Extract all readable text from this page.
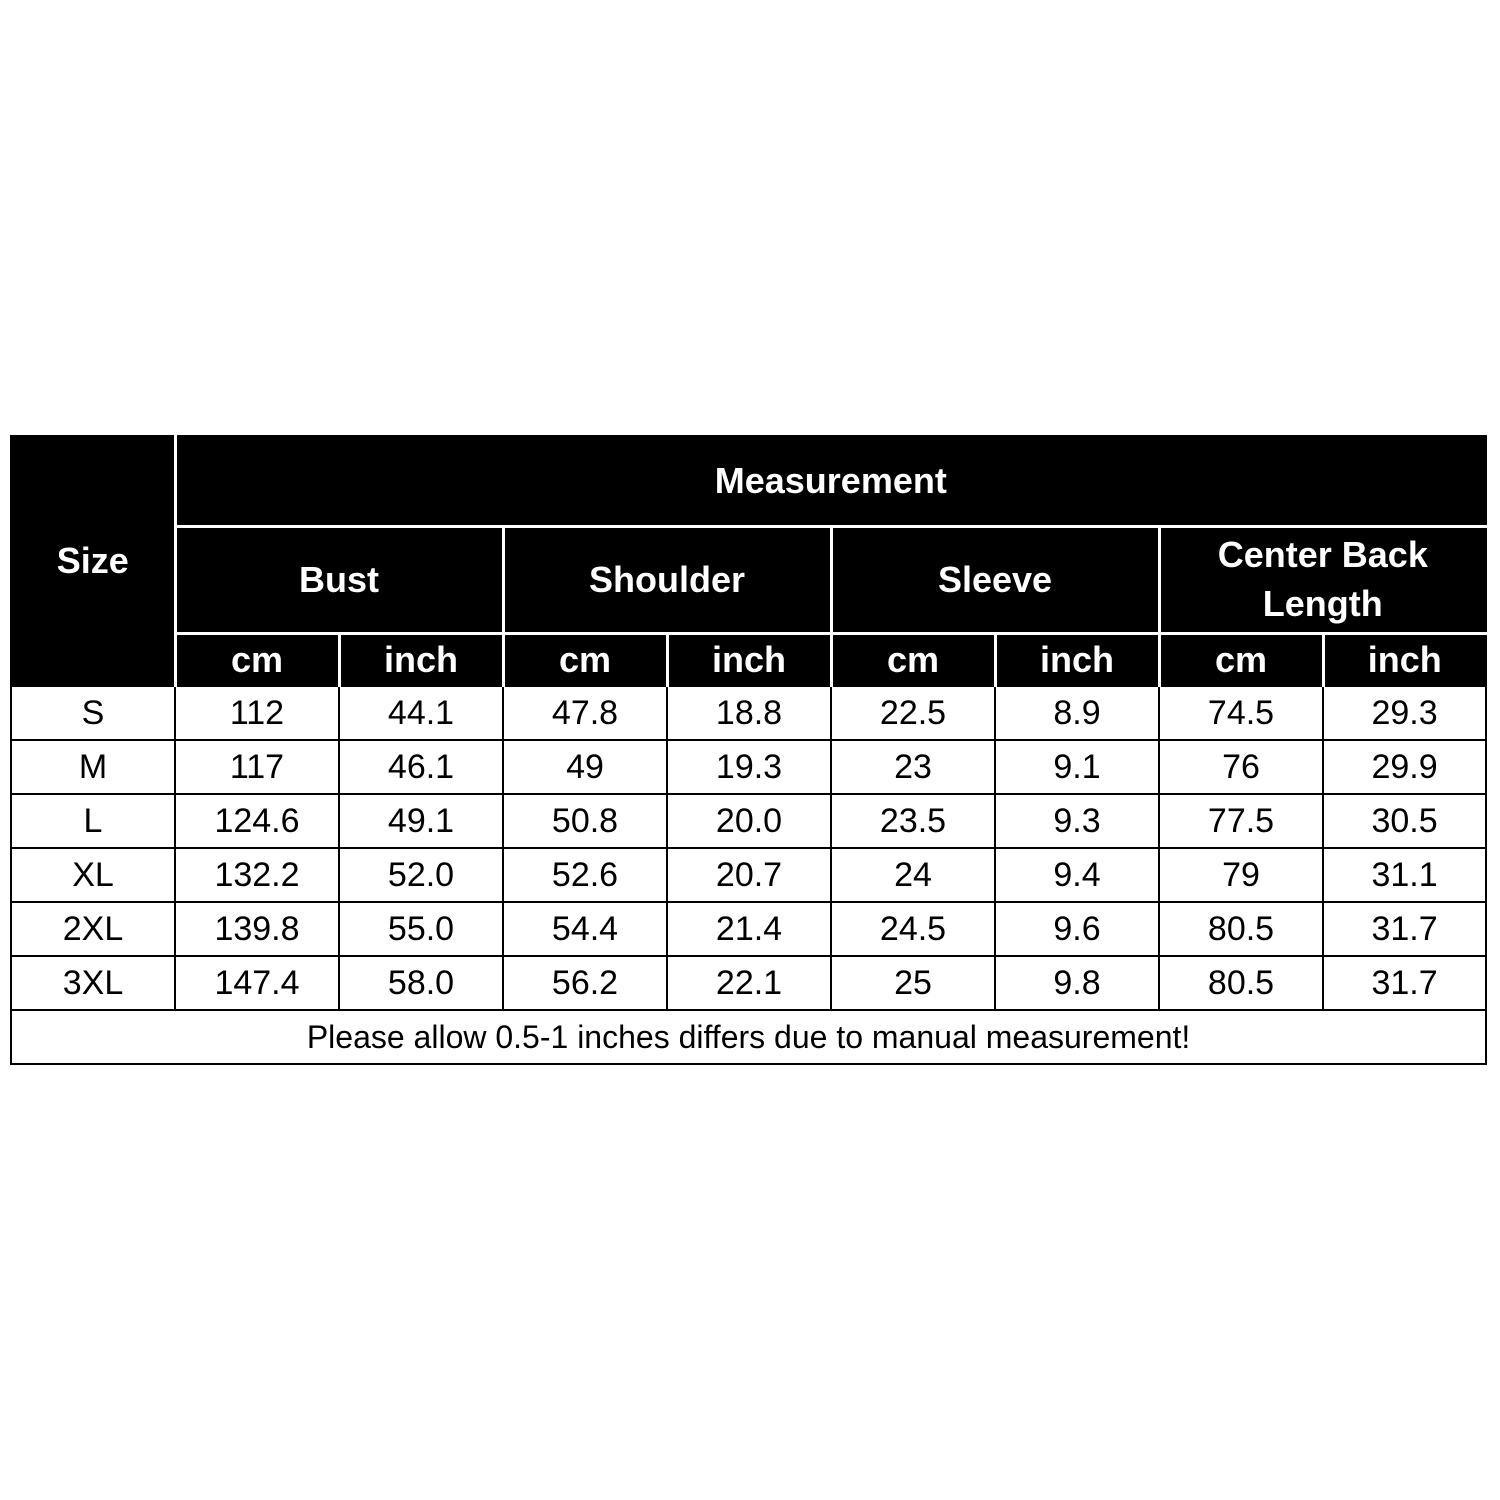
Size	Measurement							
	Bust		Shoulder		Sleeve		Center Back
Length	
	cm	inch	cm	inch	cm	inch	cm	inch
S	112	44.1	47.8	18.8	22.5	8.9	74.5	29.3
M	117	46.1	49	19.3	23	9.1	76	29.9
L	124.6	49.1	50.8	20.0	23.5	9.3	77.5	30.5
XL	132.2	52.0	52.6	20.7	24	9.4	79	31.1
2XL	139.8	55.0	54.4	21.4	24.5	9.6	80.5	31.7
3XL	147.4	58.0	56.2	22.1	25	9.8	80.5	31.7
Please allow 0.5-1 inches differs due to manual measurement!								
